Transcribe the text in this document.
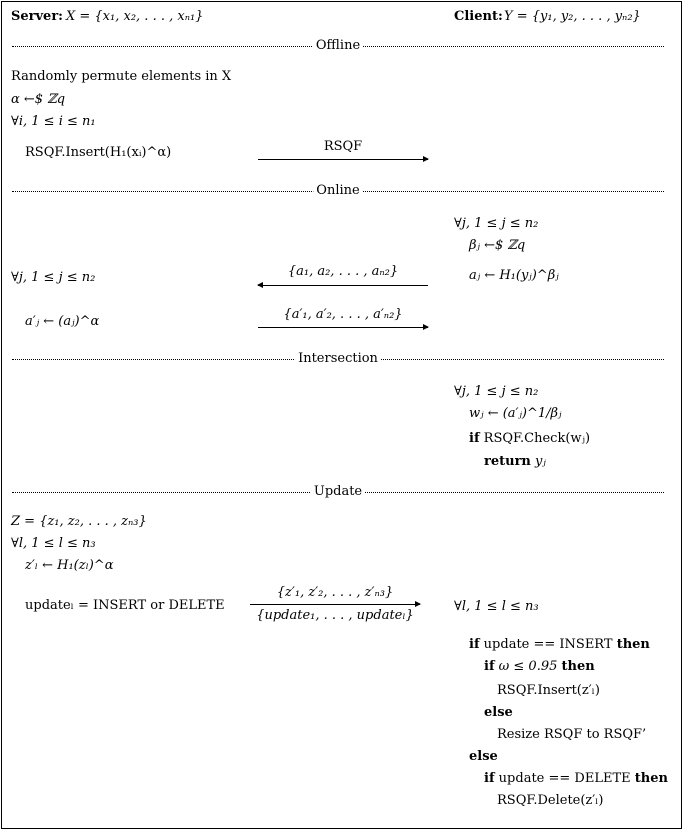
Server: X = {x₁, x₂, . . . , xₙ₁}	Client: Y = {y₁, y₂, . . . , yₙ₂}
Offline
Randomly permute elements in X
α ←$ ℤq
∀i, 1 ≤ i ≤ n₁
RSQF.Insert(H₁(xᵢ)^α)	RSQF
Online
∀j, 1 ≤ j ≤ n₂
βⱼ ←$ ℤq
aⱼ ← H₁(yⱼ)^βⱼ
∀j, 1 ≤ j ≤ n₂
a′ⱼ ← (aⱼ)^α
{a₁, a₂, . . . , aₙ₂}
{a′₁, a′₂, . . . , a′ₙ₂}
Intersection
∀j, 1 ≤ j ≤ n₂
wⱼ ← (a′ⱼ)^1/βⱼ
if RSQF.Check(wⱼ)
return yⱼ
Update
Z = {z₁, z₂, . . . , zₙ₃}
∀l, 1 ≤ l ≤ n₃
z′ₗ ← H₁(zₗ)^α
updateₗ = INSERT or DELETE
{z′₁, z′₂, . . . , z′ₙ₃}
{update₁, . . . , updateₗ}
∀l, 1 ≤ l ≤ n₃
if update == INSERT then
if ω ≤ 0.95 then
RSQF.Insert(z′ₗ)
else
Resize RSQF to RSQF’
else
if update == DELETE then
RSQF.Delete(z′ₗ)
